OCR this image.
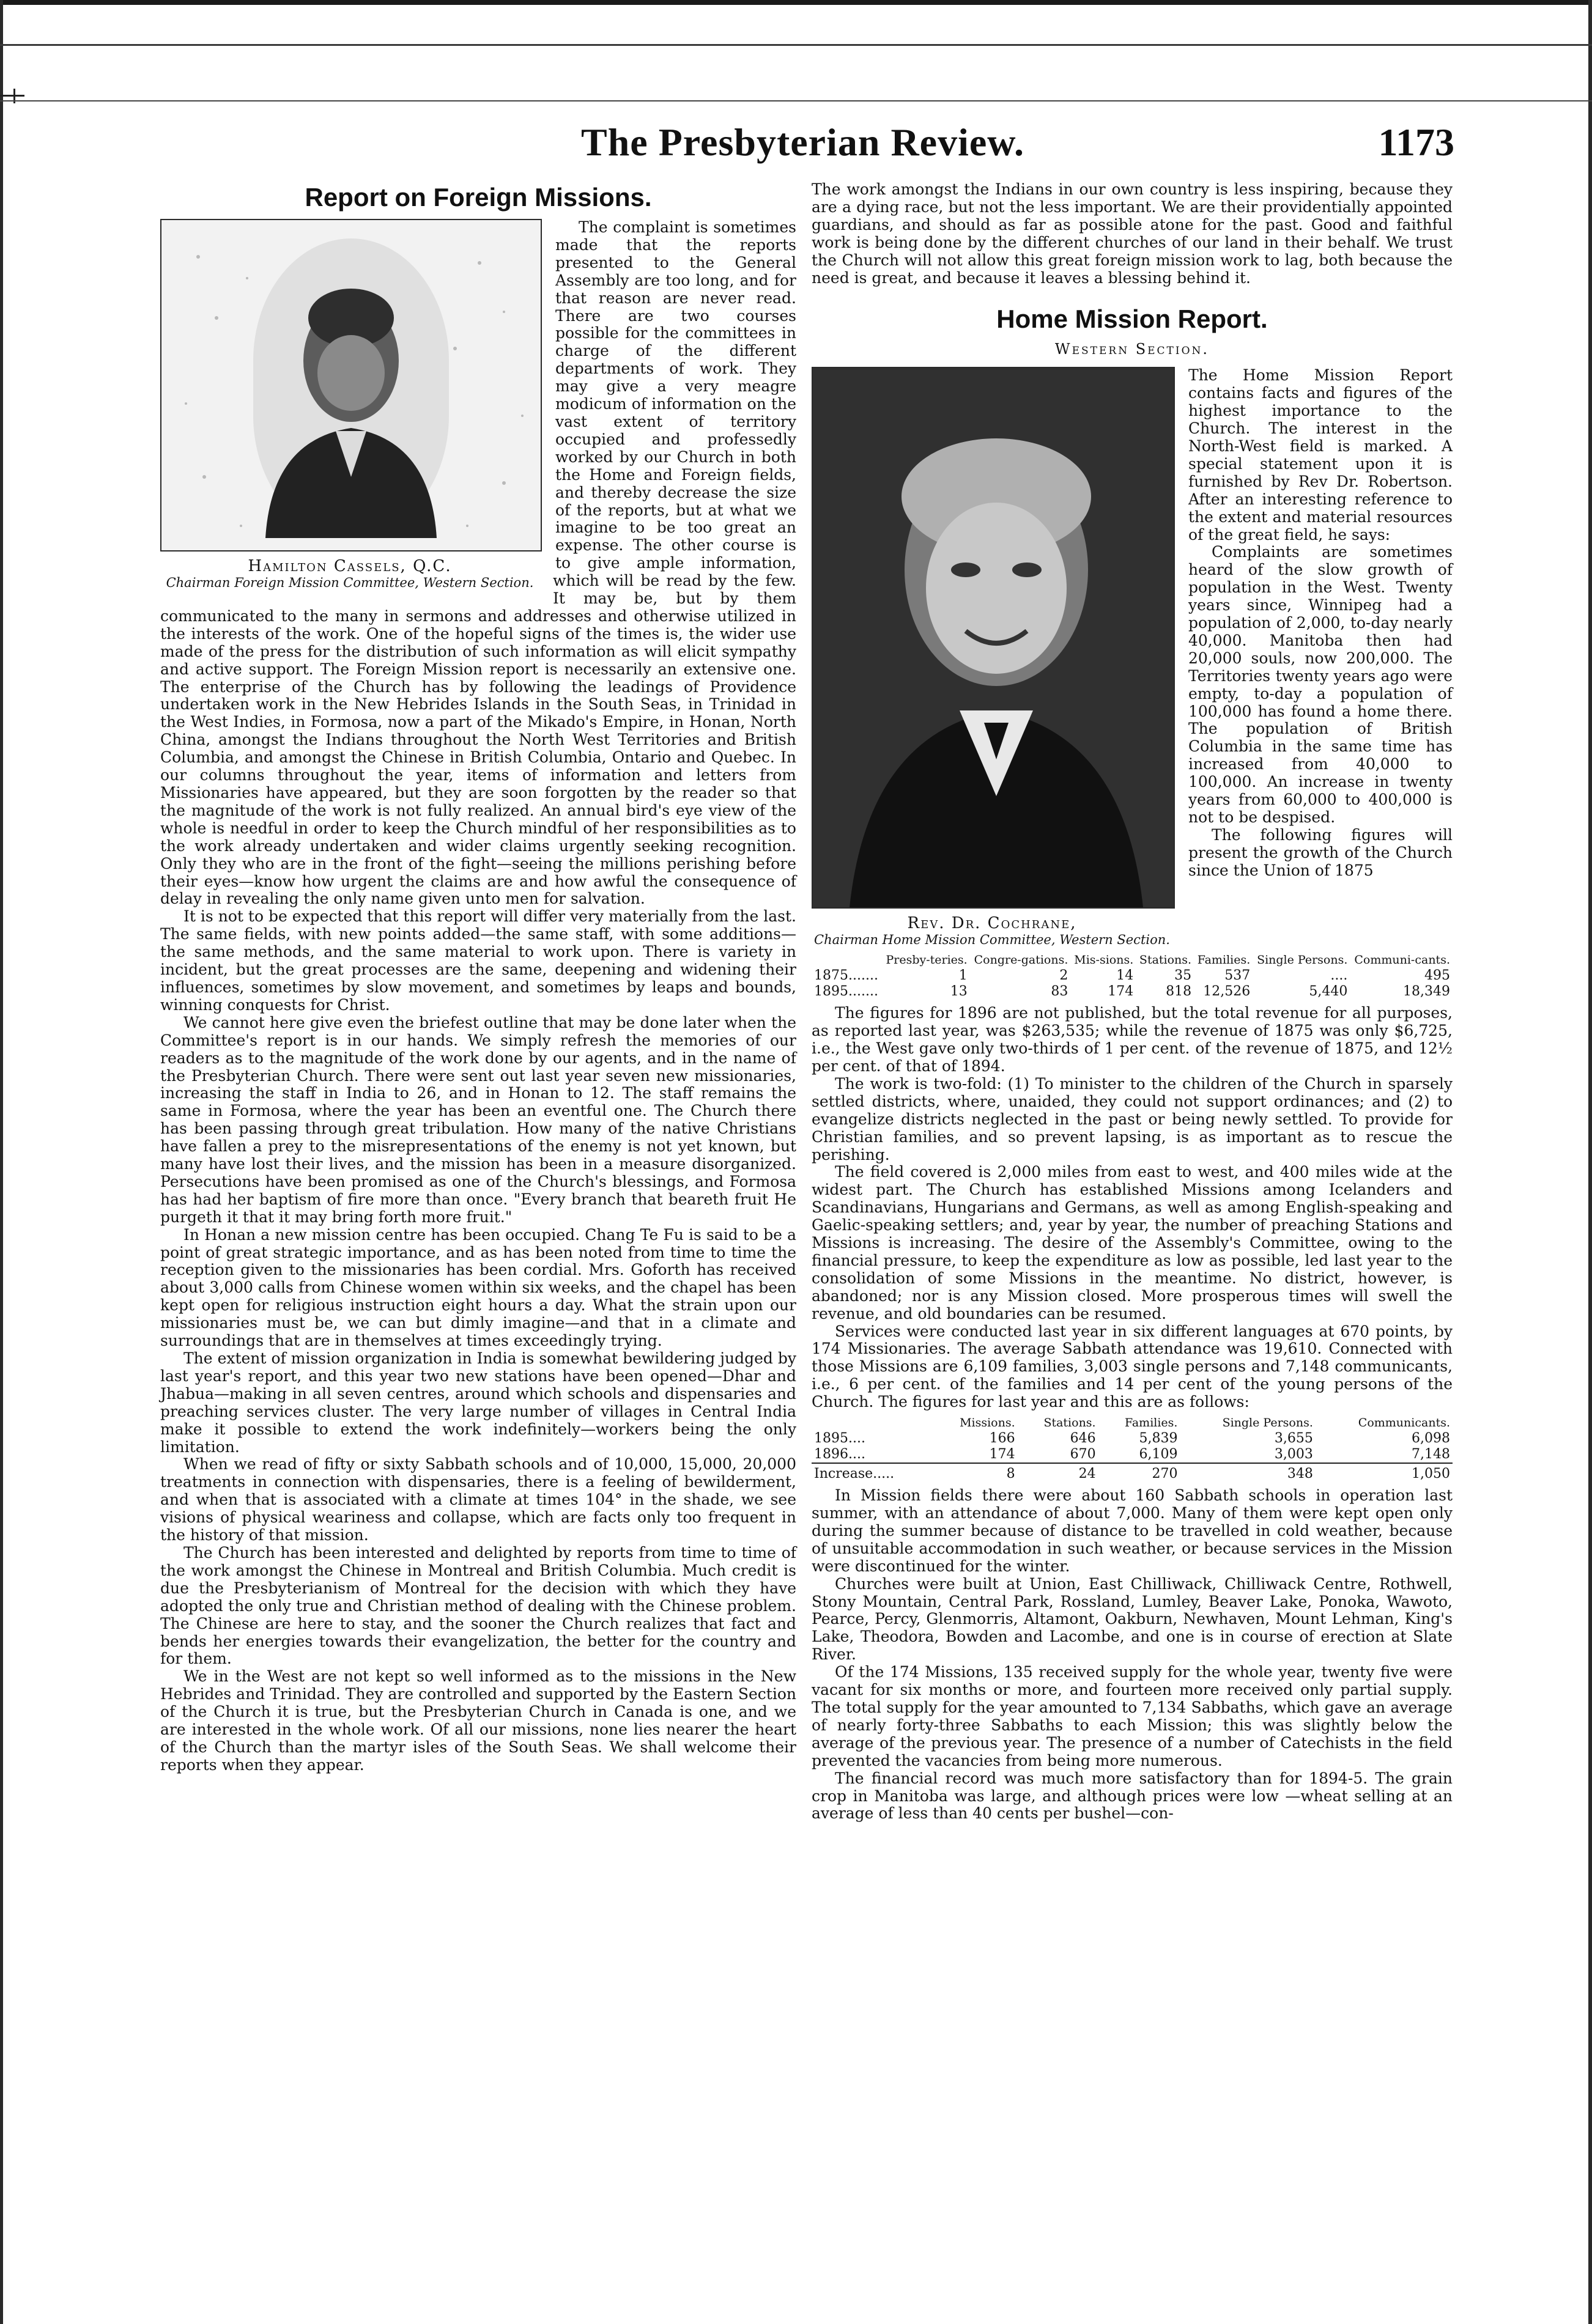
The Presbyterian Review.	1173
Report on Foreign Missions.
Hamilton Cassels, Q.C.
Chairman Foreign Mission Committee, Western Section.

The complaint is sometimes made that the reports presented to the General Assembly are too long, and for that reason are never read. There are two courses possible for the committees in charge of the different departments of work. They may give a very meagre modicum of information on the vast extent of territory occupied and professedly worked by our Church in both the Home and Foreign fields, and thereby decrease the size of the reports, but at what we imagine to be too great an expense. The other course is to give ample information, which will be read by the few. It may be, but by them communicated to the many in sermons and addresses and otherwise utilized in the interests of the work. One of the hopeful signs of the times is, the wider use made of the press for the distribution of such information as will elicit sympathy and active support. The Foreign Mission report is necessarily an extensive one. The enterprise of the Church has by following the leadings of Providence undertaken work in the New Hebrides Islands in the South Seas, in Trinidad in the West Indies, in Formosa, now a part of the Mikado's Empire, in Honan, North China, amongst the Indians throughout the North West Territories and British Columbia, and amongst the Chinese in British Columbia, Ontario and Quebec. In our columns throughout the year, items of information and letters from Missionaries have appeared, but they are soon forgotten by the reader so that the magnitude of the work is not fully realized. An annual bird's eye view of the whole is needful in order to keep the Church mindful of her responsibilities as to the work already undertaken and wider claims urgently seeking recognition. Only they who are in the front of the fight—seeing the millions perishing before their eyes—know how urgent the claims are and how awful the consequence of delay in revealing the only name given unto men for salvation.

It is not to be expected that this report will differ very materially from the last. The same fields, with new points added—the same staff, with some additions—the same methods, and the same material to work upon. There is variety in incident, but the great processes are the same, deepening and widening their influences, sometimes by slow movement, and sometimes by leaps and bounds, winning conquests for Christ.

We cannot here give even the briefest outline that may be done later when the Committee's report is in our hands. We simply refresh the memories of our readers as to the magnitude of the work done by our agents, and in the name of the Presbyterian Church. There were sent out last year seven new missionaries, increasing the staff in India to 26, and in Honan to 12. The staff remains the same in Formosa, where the year has been an eventful one. The Church there has been passing through great tribulation. How many of the native Christians have fallen a prey to the misrepresentations of the enemy is not yet known, but many have lost their lives, and the mission has been in a measure disorganized. Persecutions have been promised as one of the Church's blessings, and Formosa has had her baptism of fire more than once. "Every branch that beareth fruit He purgeth it that it may bring forth more fruit."

In Honan a new mission centre has been occupied. Chang Te Fu is said to be a point of great strategic importance, and as has been noted from time to time the reception given to the missionaries has been cordial. Mrs. Goforth has received about 3,000 calls from Chinese women within six weeks, and the chapel has been kept open for religious instruction eight hours a day. What the strain upon our missionaries must be, we can but dimly imagine—and that in a climate and surroundings that are in themselves at times exceedingly trying.

The extent of mission organization in India is somewhat bewildering judged by last year's report, and this year two new stations have been opened—Dhar and Jhabua—making in all seven centres, around which schools and dispensaries and preaching services cluster. The very large number of villages in Central India make it possible to extend the work indefinitely—workers being the only limitation.

When we read of fifty or sixty Sabbath schools and of 10,000, 15,000, 20,000 treatments in connection with dispensaries, there is a feeling of bewilderment, and when that is associated with a climate at times 104° in the shade, we see visions of physical weariness and collapse, which are facts only too frequent in the history of that mission.

The Church has been interested and delighted by reports from time to time of the work amongst the Chinese in Montreal and British Columbia. Much credit is due the Presbyterianism of Montreal for the decision with which they have adopted the only true and Christian method of dealing with the Chinese problem. The Chinese are here to stay, and the sooner the Church realizes that fact and bends her energies towards their evangelization, the better for the country and for them.

We in the West are not kept so well informed as to the missions in the New Hebrides and Trinidad. They are controlled and supported by the Eastern Section of the Church it is true, but the Presbyterian Church in Canada is one, and we are interested in the whole work. Of all our missions, none lies nearer the heart of the Church than the martyr isles of the South Seas. We shall welcome their reports when they appear.

The work amongst the Indians in our own country is less inspiring, because they are a dying race, but not the less important. We are their providentially appointed guardians, and should as far as possible atone for the past. Good and faithful work is being done by the different churches of our land in their behalf. We trust the Church will not allow this great foreign mission work to lag, both because the need is great, and because it leaves a blessing behind it.

Home Mission Report.
Western Section.
Rev. Dr. Cochrane,
Chairman Home Mission Committee, Western Section.

The Home Mission Report contains facts and figures of the highest importance to the Church. The interest in the North-West field is marked. A special statement upon it is furnished by Rev Dr. Robertson. After an interesting reference to the extent and material resources of the great field, he says:

Complaints are sometimes heard of the slow growth of population in the West. Twenty years since, Winnipeg had a population of 2,000, to-day nearly 40,000. Manitoba then had 20,000 souls, now 200,000. The Territories twenty years ago were empty, to-day a population of 100,000 has found a home there. The population of British Columbia in the same time has increased from 40,000 to 100,000. An increase in twenty years from 60,000 to 400,000 is not to be despised.

The following figures will present the growth of the Church since the Union of 1875

	Presby-teries.	Congre-gations.	Mis-sions.	Stations.	Families.	Single Persons.	Communi-cants.
1875.......	1	2	14	35	537	....	495
1895.......	13	83	174	818	12,526	5,440	18,349

The figures for 1896 are not published, but the total revenue for all purposes, as reported last year, was $263,535; while the revenue of 1875 was only $6,725, i.e., the West gave only two-thirds of 1 per cent. of the revenue of 1875, and 12½ per cent. of that of 1894.

The work is two-fold: (1) To minister to the children of the Church in sparsely settled districts, where, unaided, they could not support ordinances; and (2) to evangelize districts neglected in the past or being newly settled. To provide for Christian families, and so prevent lapsing, is as important as to rescue the perishing.

The field covered is 2,000 miles from east to west, and 400 miles wide at the widest part. The Church has established Missions among Icelanders and Scandinavians, Hungarians and Germans, as well as among English-speaking and Gaelic-speaking settlers; and, year by year, the number of preaching Stations and Missions is increasing. The desire of the Assembly's Committee, owing to the financial pressure, to keep the expenditure as low as possible, led last year to the consolidation of some Missions in the meantime. No district, however, is abandoned; nor is any Mission closed. More prosperous times will swell the revenue, and old boundaries can be resumed.

Services were conducted last year in six different languages at 670 points, by 174 Missionaries. The average Sabbath attendance was 19,610. Connected with those Missions are 6,109 families, 3,003 single persons and 7,148 communicants, i.e., 6 per cent. of the families and 14 per cent of the young persons of the Church. The figures for last year and this are as follows:

	Missions.	Stations.	Families.	Single Persons.	Communicants.
1895....	166	646	5,839	3,655	6,098
1896....	174	670	6,109	3,003	7,148
Increase.....	8	24	270	348	1,050

In Mission fields there were about 160 Sabbath schools in operation last summer, with an attendance of about 7,000. Many of them were kept open only during the summer because of distance to be travelled in cold weather, because of unsuitable accommodation in such weather, or because services in the Mission were discontinued for the winter.

Churches were built at Union, East Chilliwack, Chilliwack Centre, Rothwell, Stony Mountain, Central Park, Rossland, Lumley, Beaver Lake, Ponoka, Wawoto, Pearce, Percy, Glenmorris, Altamont, Oakburn, Newhaven, Mount Lehman, King's Lake, Theodora, Bowden and Lacombe, and one is in course of erection at Slate River.

Of the 174 Missions, 135 received supply for the whole year, twenty five were vacant for six months or more, and fourteen more received only partial supply. The total supply for the year amounted to 7,134 Sabbaths, which gave an average of nearly forty-three Sabbaths to each Mission; this was slightly below the average of the previous year. The presence of a number of Catechists in the field prevented the vacancies from being more numerous.

The financial record was much more satisfactory than for 1894-5. The grain crop in Manitoba was large, and although prices were low —wheat selling at an average of less than 40 cents per bushel—con-
